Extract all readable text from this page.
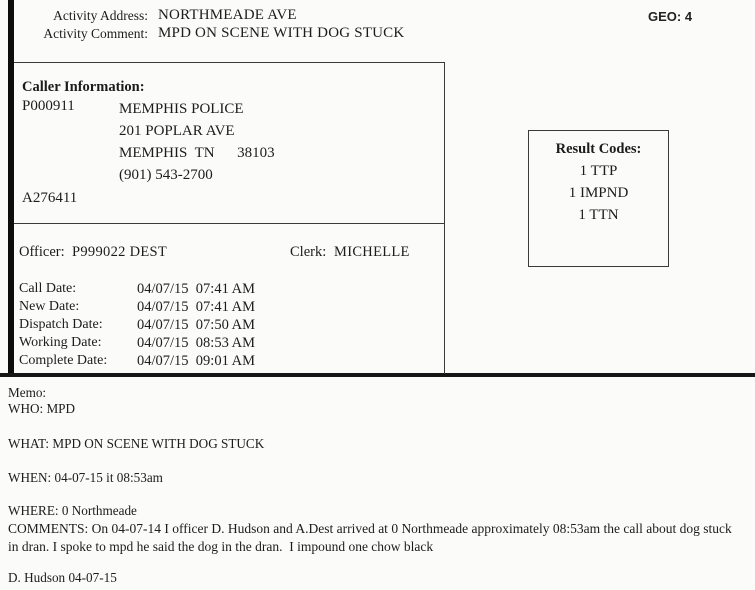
Activity Address: NORTHMEADE AVE
Activity Comment: MPD ON SCENE WITH DOG STUCK
GEO: 4
Caller Information:
P000911	MEMPHIS POLICE
201 POPLAR AVE
MEMPHIS  TN      38103
(901) 543-2700
A276411
Result Codes:
1 TTP
1 IMPND
1 TTN
Officer: P999022 DEST	Clerk: MICHELLE
Call Date:	04/07/15  07:41 AM
New Date:	04/07/15  07:41 AM
Dispatch Date: 04/07/15  07:50 AM
Working Date: 04/07/15  08:53 AM
Complete Date: 04/07/15  09:01 AM
Memo:
WHO: MPD
WHAT: MPD ON SCENE WITH DOG STUCK
WHEN: 04-07-15 it 08:53am
WHERE: 0 Northmeade
COMMENTS: On 04-07-14 I officer D. Hudson and A.Dest arrived at 0 Northmeade approximately 08:53am the call about dog stuck  in dran. I spoke to mpd he said the dog in the dran.  I impound one chow black
D. Hudson 04-07-15
